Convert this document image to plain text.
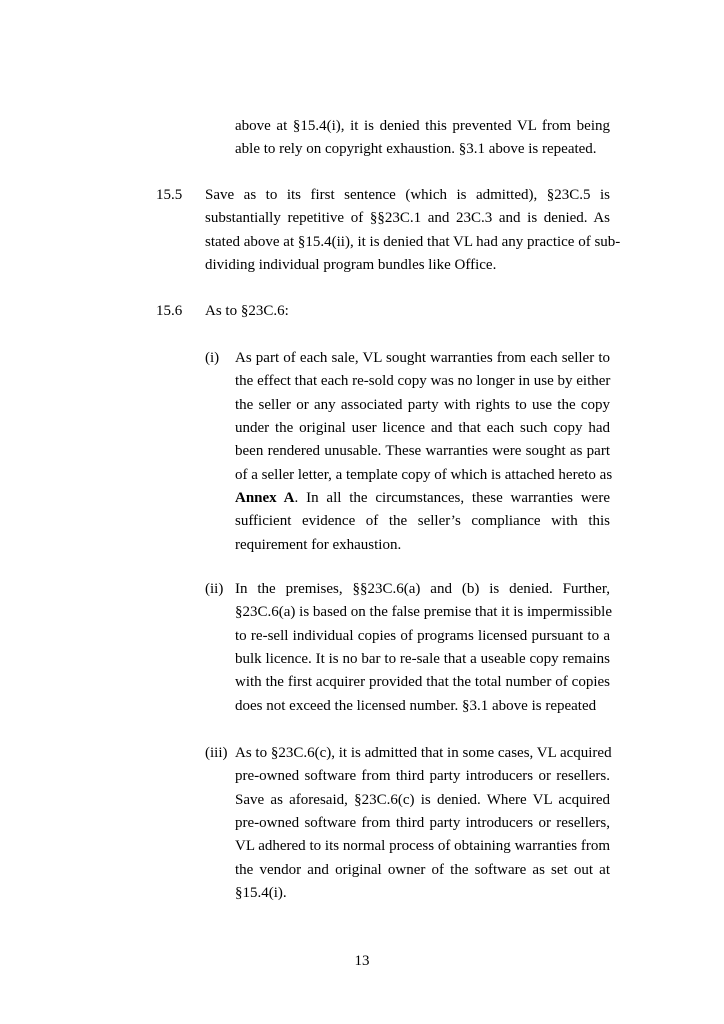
above at §15.4(i), it is denied this prevented VL from being
able to rely on copyright exhaustion. §3.1 above is repeated.
15.5 Save as to its first sentence (which is admitted), §23C.5 is
substantially repetitive of §§23C.1 and 23C.3 and is denied. As
stated above at §15.4(ii), it is denied that VL had any practice of sub-
dividing individual program bundles like Office.
15.6 As to §23C.6:
(i) As part of each sale, VL sought warranties from each seller to
the effect that each re-sold copy was no longer in use by either
the seller or any associated party with rights to use the copy
under the original user licence and that each such copy had
been rendered unusable. These warranties were sought as part
of a seller letter, a template copy of which is attached hereto as
Annex A. In all the circumstances, these warranties were
sufficient evidence of the seller’s compliance with this
requirement for exhaustion.
(ii) In the premises, §§23C.6(a) and (b) is denied. Further,
§23C.6(a) is based on the false premise that it is impermissible
to re-sell individual copies of programs licensed pursuant to a
bulk licence. It is no bar to re-sale that a useable copy remains
with the first acquirer provided that the total number of copies
does not exceed the licensed number. §3.1 above is repeated
(iii) As to §23C.6(c), it is admitted that in some cases, VL acquired
pre-owned software from third party introducers or resellers.
Save as aforesaid, §23C.6(c) is denied. Where VL acquired
pre-owned software from third party introducers or resellers,
VL adhered to its normal process of obtaining warranties from
the vendor and original owner of the software as set out at
§15.4(i).
13
